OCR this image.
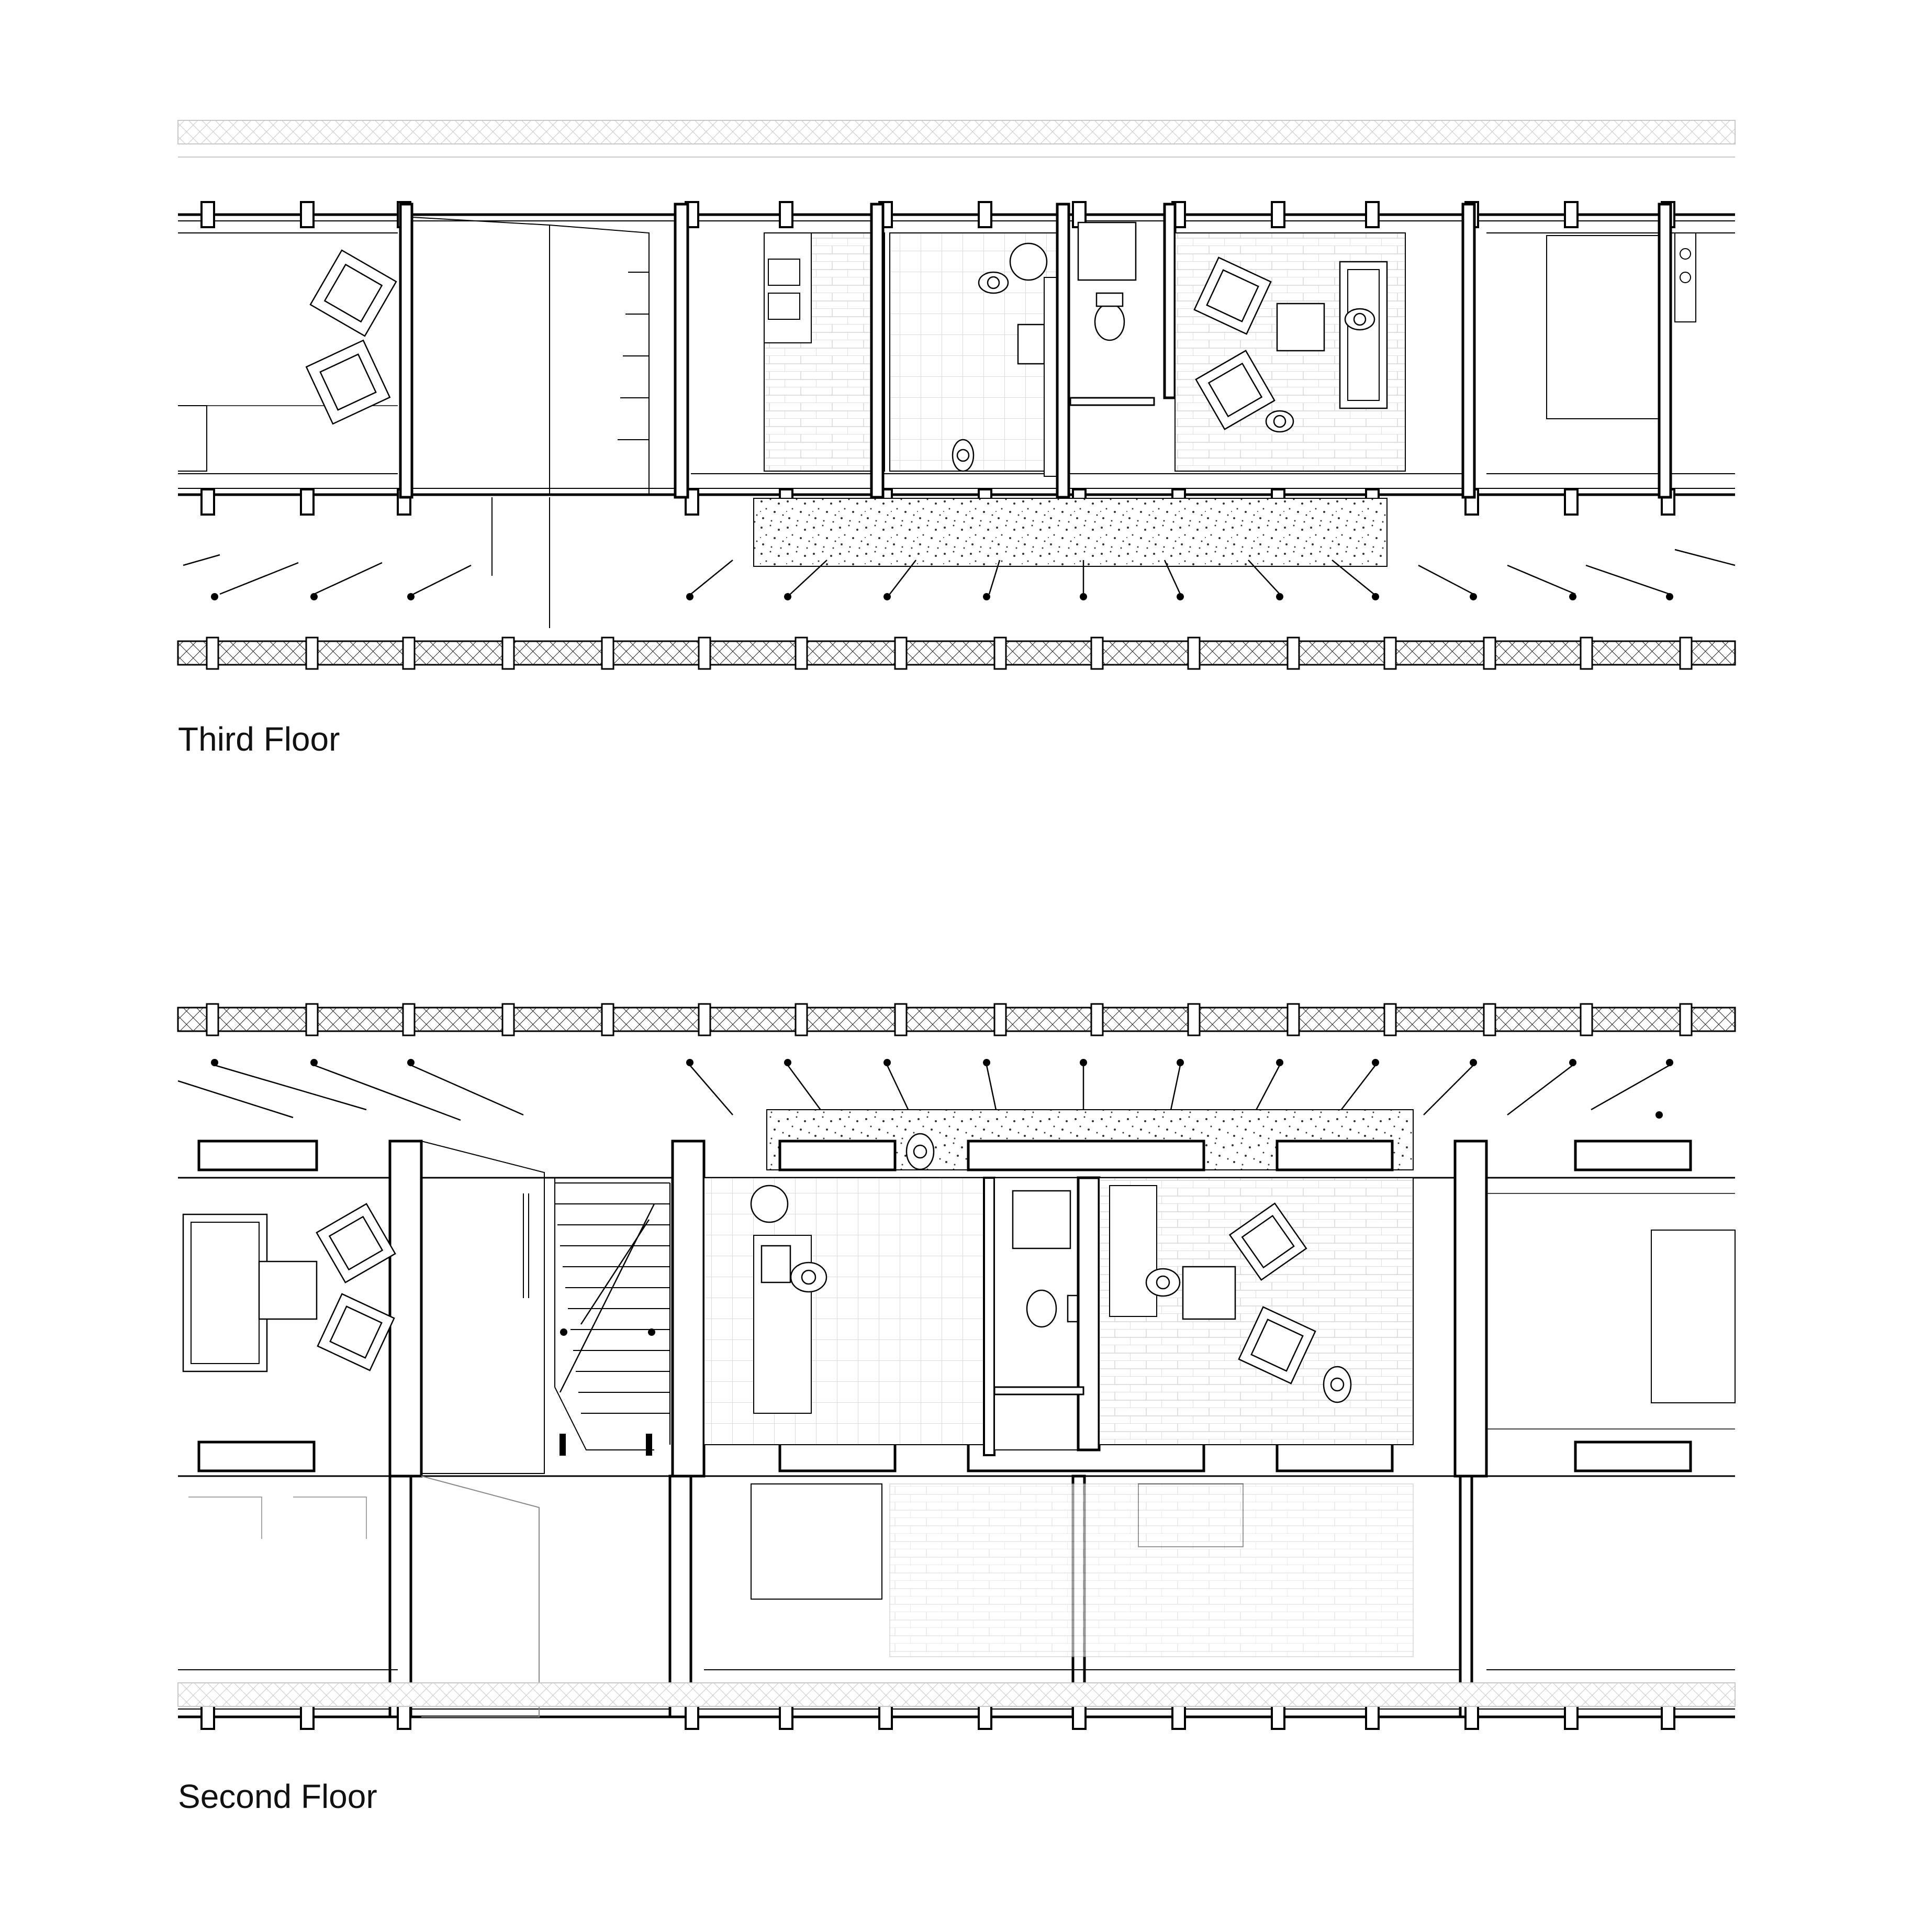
Third Floor
Second Floor
